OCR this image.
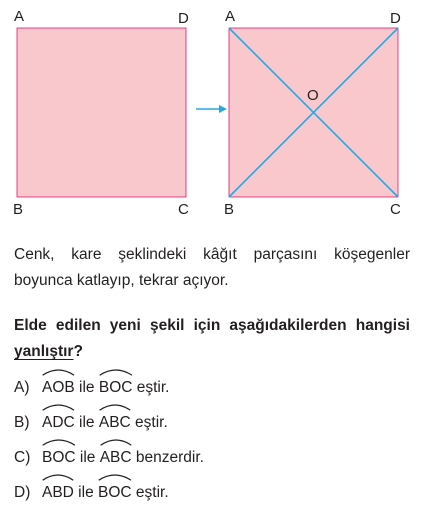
A	D
B	C
A	D
B	C
O
Cenk, kare şeklindeki kâğıt parçasını köşegenler boyunca katlayıp, tekrar açıyor.
Elde edilen yeni şekil için aşağıdakilerden hangisi yanlıştır?
A) AOB ile
BOC eştir.
B) ADC ile
ABC eştir.
C) BOC ile
ABC benzerdir.
D) ABD ile
BOC eştir.
